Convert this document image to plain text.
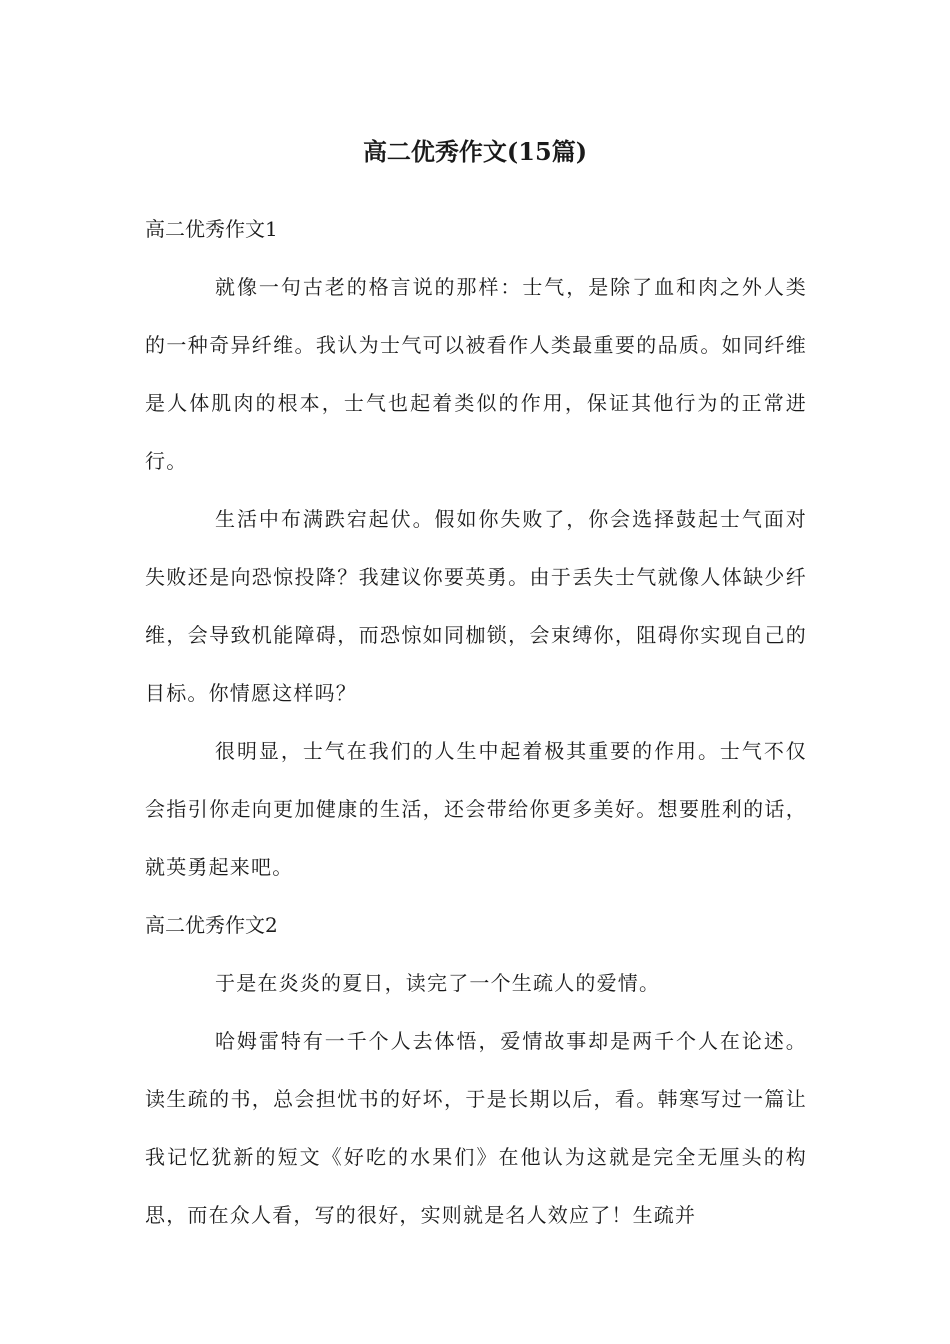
高二优秀作文(15篇)

高二优秀作文1

就像一句古老的格言说的那样：士气，是除了血和肉之外人类的一种奇异纤维。我认为士气可以被看作人类最重要的品质。如同纤维是人体肌肉的根本，士气也起着类似的作用，保证其他行为的正常进行。

生活中布满跌宕起伏。假如你失败了，你会选择鼓起士气面对失败还是向恐惊投降？我建议你要英勇。由于丢失士气就像人体缺少纤维，会导致机能障碍，而恐惊如同枷锁，会束缚你，阻碍你实现自己的目标。你情愿这样吗？

很明显，士气在我们的人生中起着极其重要的作用。士气不仅会指引你走向更加健康的生活，还会带给你更多美好。想要胜利的话，就英勇起来吧。

高二优秀作文2

于是在炎炎的夏日，读完了一个生疏人的爱情。

哈姆雷特有一千个人去体悟，爱情故事却是两千个人在论述。读生疏的书，总会担忧书的好坏，于是长期以后，看。韩寒写过一篇让我记忆犹新的短文《好吃的水果们》在他认为这就是完全无厘头的构思，而在众人看，写的很好，实则就是名人效应了！生疏并
